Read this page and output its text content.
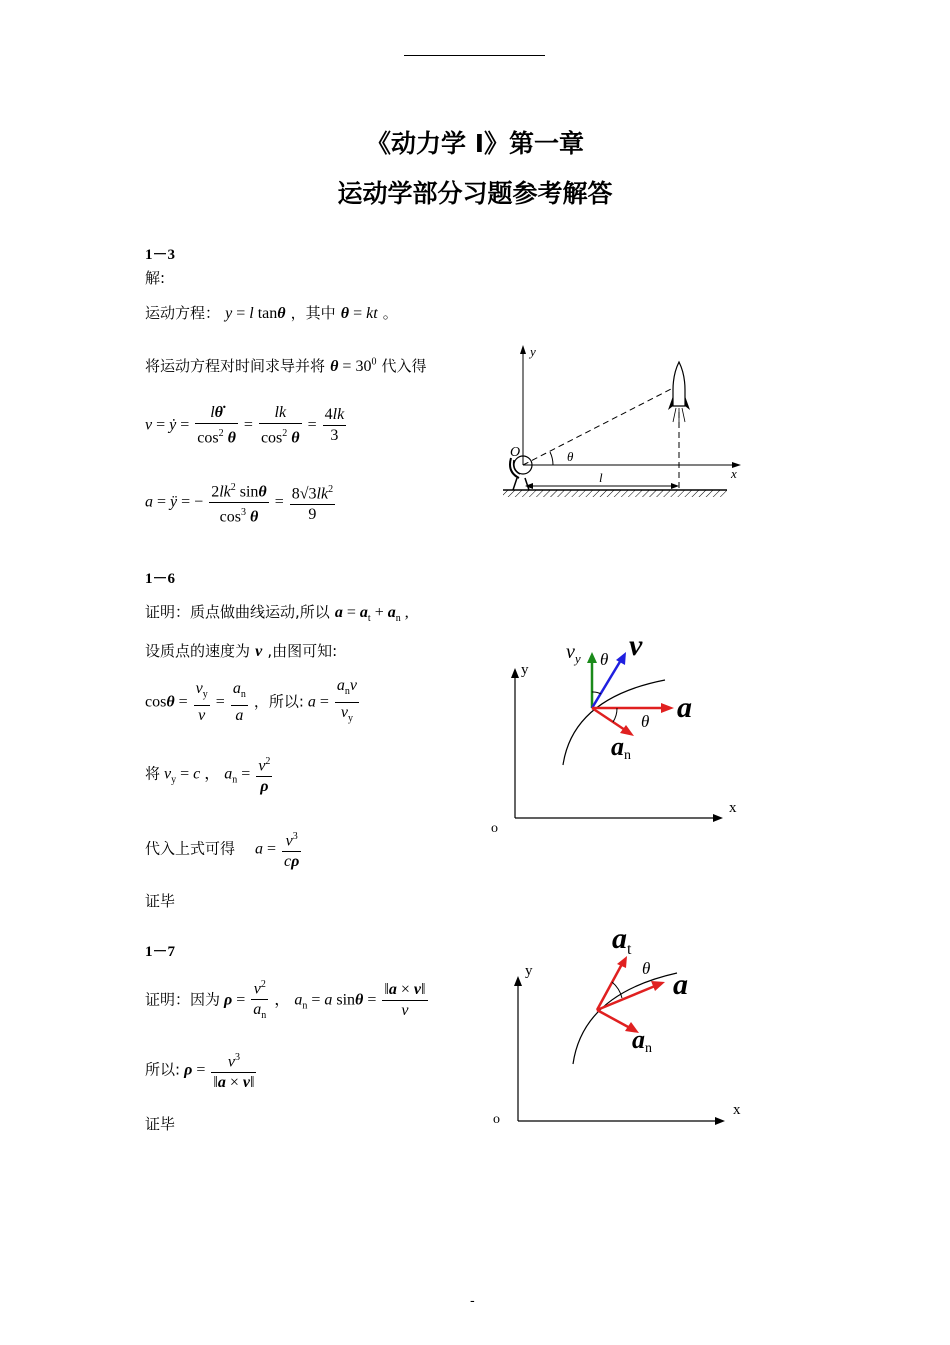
《动力学 I》第一章
运动学部分习题参考解答
1－3
解:
运动方程： y = l tanθ ，其中 θ = kt 。
将运动方程对时间求导并将 $\theta = 30^0$ 代入得
v = ẏ = $\frac{l\thetȧ}{\cos^2 \theta} = \frac{lk}{\cos^2 \theta} = \frac{4lk}{3}$
a = ÿ = − $\frac{2lk^2 \sin\theta}{\cos^3 \theta} = \frac{8√3lk^2}{9}$
y
x
O	θ
l
1－6
证明：质点做曲线运动,所以 $a = a_t + a_n$ ,
设质点的速度为 v ,由图可知:
$\cos\theta = \frac{v_y}{v} = \frac{a_n}{a}$ ，所以: $a = \frac{a_nv}{v_y}$
将 $v_y = c$ ， $a_n = \frac{v^2}{\rho}$
代入上式可得 $a = \frac{v^3}{c\rho}$
证毕
y
x
o
$v_y$ θ v
θ a
an
1－7
证明：因为 $\rho = \frac{v^2}{a_n}$ ， $a_n = a$ $\sin\theta = \frac{‖a \times v‖}{v}$
所以: $\rho = \frac{v^3}{‖a \times v‖}$
证毕
y
x
o
$a_t$
θ a
an
-
